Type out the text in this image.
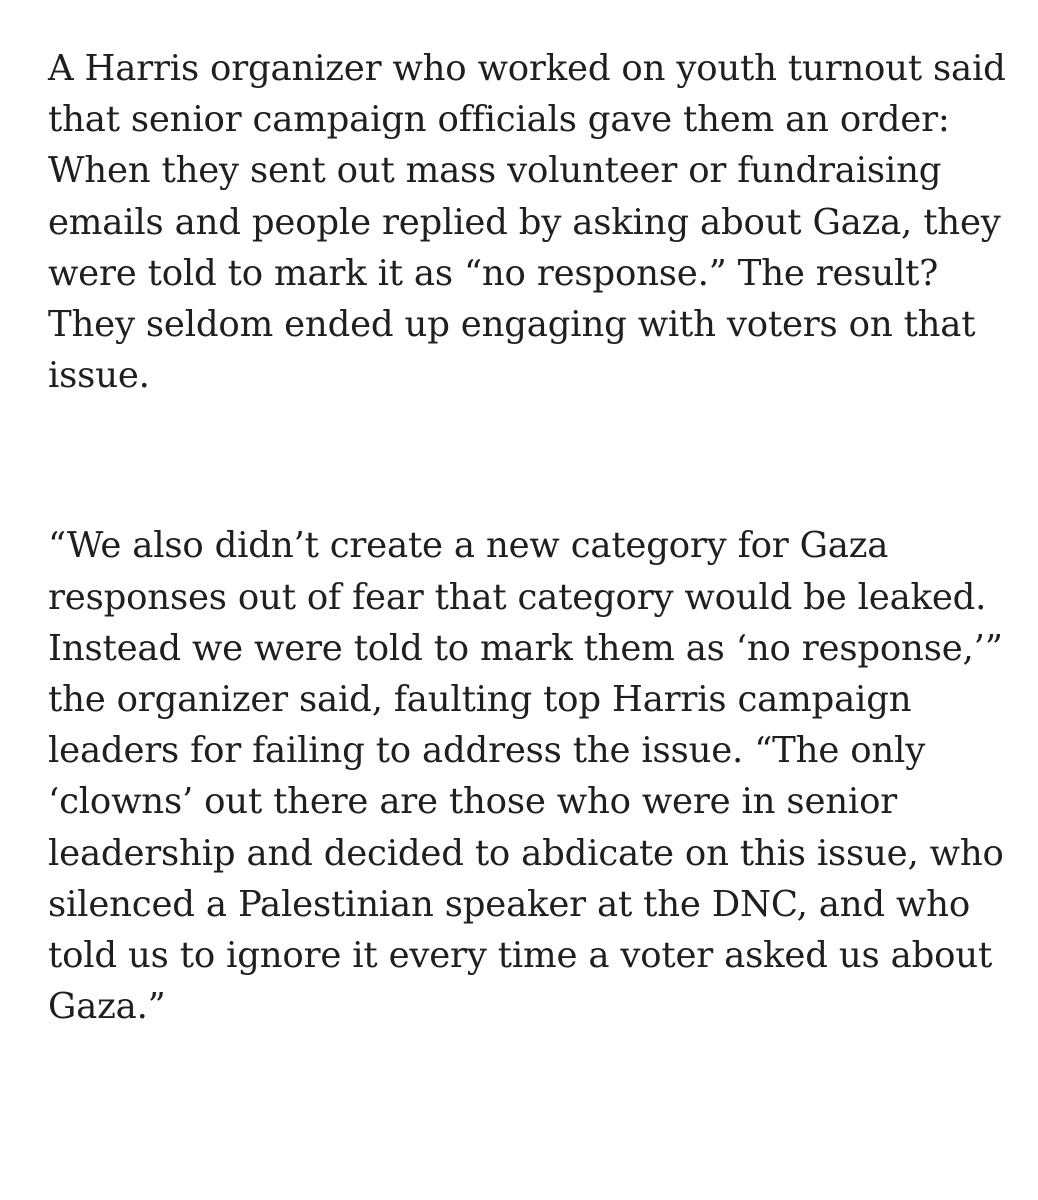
A Harris organizer who worked on youth turnout said
that senior campaign officials gave them an order:
When they sent out mass volunteer or fundraising
emails and people replied by asking about Gaza, they
were told to mark it as “no response.” The result?
They seldom ended up engaging with voters on that
issue.

“We also didn’t create a new category for Gaza
responses out of fear that category would be leaked.
Instead we were told to mark them as ‘no response,’”
the organizer said, faulting top Harris campaign
leaders for failing to address the issue. “The only
‘clowns’ out there are those who were in senior
leadership and decided to abdicate on this issue, who
silenced a Palestinian speaker at the DNC, and who
told us to ignore it every time a voter asked us about
Gaza.”
